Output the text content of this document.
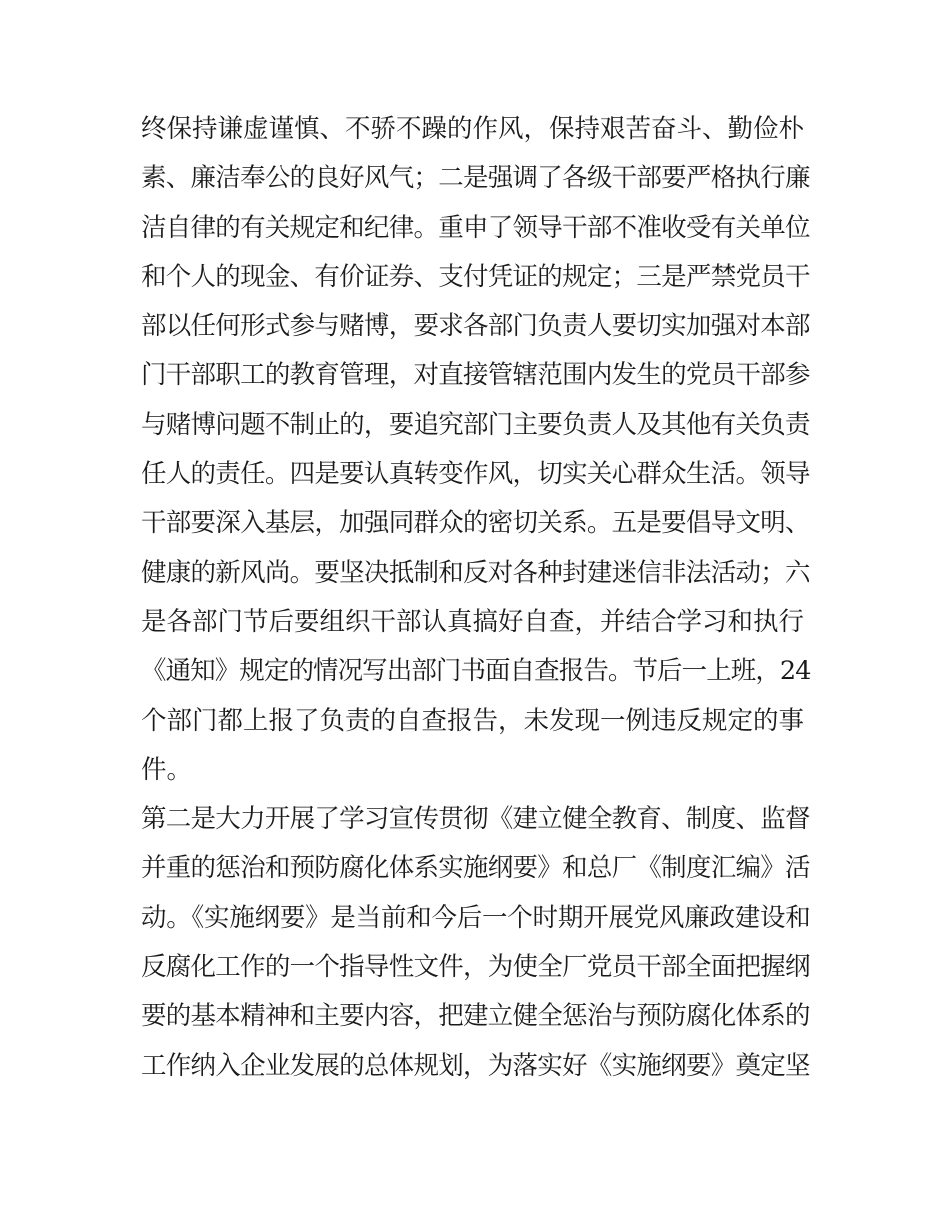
终保持谦虚谨慎、不骄不躁的作风，保持艰苦奋斗、勤俭朴
素、廉洁奉公的良好风气；二是强调了各级干部要严格执行廉
洁自律的有关规定和纪律。重申了领导干部不准收受有关单位
和个人的现金、有价证券、支付凭证的规定；三是严禁党员干
部以任何形式参与赌博，要求各部门负责人要切实加强对本部
门干部职工的教育管理，对直接管辖范围内发生的党员干部参
与赌博问题不制止的，要追究部门主要负责人及其他有关负责
任人的责任。四是要认真转变作风，切实关心群众生活。领导
干部要深入基层，加强同群众的密切关系。五是要倡导文明、
健康的新风尚。要坚决抵制和反对各种封建迷信非法活动；六
是各部门节后要组织干部认真搞好自查，并结合学习和执行
《通知》规定的情况写出部门书面自查报告。节后一上班，24
个部门都上报了负责的自查报告，未发现一例违反规定的事
件。
第二是大力开展了学习宣传贯彻《建立健全教育、制度、监督
并重的惩治和预防腐化体系实施纲要》和总厂《制度汇编》活
动。《实施纲要》是当前和今后一个时期开展党风廉政建设和
反腐化工作的一个指导性文件，为使全厂党员干部全面把握纲
要的基本精神和主要内容，把建立健全惩治与预防腐化体系的
工作纳入企业发展的总体规划，为落实好《实施纲要》奠定坚
